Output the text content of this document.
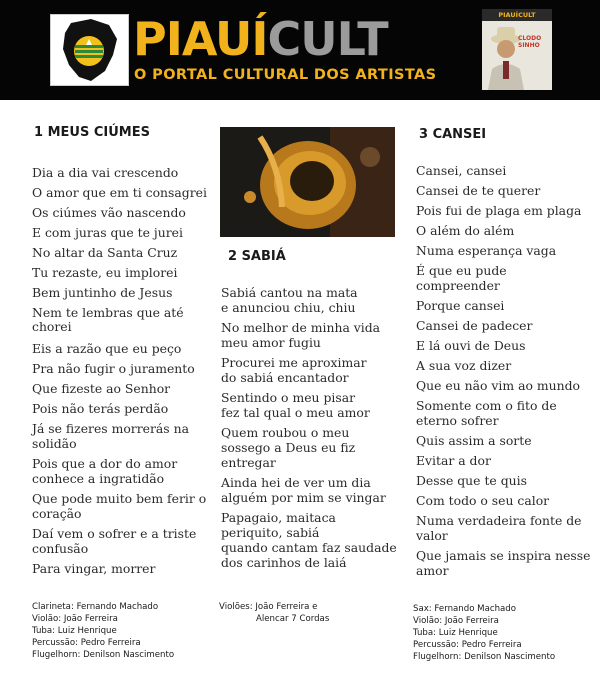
PIAUÍCULT
O PORTAL CULTURAL DOS ARTISTAS
PIAUÍCULT
CLODO SINHO
1 MEUS CIÚMES
Dia a dia vai crescendo
O amor que em ti consagrei
Os ciúmes vão nascendo
E com juras que te jurei
No altar da Santa Cruz
Tu rezaste, eu implorei
Bem juntinho de Jesus
Nem te lembras que até
chorei
Eis a razão que eu peço
Pra não fugir o juramento
Que fizeste ao Senhor
Pois não terás perdão
Já se fizeres morrerás na
solidão
Pois que a dor do amor
conhece a ingratidão
Que pode muito bem ferir o
coração
Daí vem o sofrer e a triste
confusão
Para vingar, morrer
Clarineta: Fernando Machado
Violão: João Ferreira
Tuba: Luiz Henrique
Percussão: Pedro Ferreira
Flugelhorn: Denilson Nascimento
2 SABIÁ
Sabiá cantou na mata
e anunciou chiu, chiu
No melhor de minha vida
meu amor fugiu
Procurei me aproximar
do sabiá encantador
Sentindo o meu pisar
fez tal qual o meu amor
Quem roubou o meu
sossego a Deus eu fiz
entregar
Ainda hei de ver um dia
alguém por mim se vingar
Papagaio, maitaca
periquito, sabiá
quando cantam faz saudade
dos carinhos de laiá
Violões: João Ferreira e
Alencar 7 Cordas
3 CANSEI
Cansei, cansei
Cansei de te querer
Pois fui de plaga em plaga
O além do além
Numa esperança vaga
É que eu pude
compreender
Porque cansei
Cansei de padecer
E lá ouvi de Deus
A sua voz dizer
Que eu não vim ao mundo
Somente com o fito de
eterno sofrer
Quis assim a sorte
Evitar a dor
Desse que te quis
Com todo o seu calor
Numa verdadeira fonte de
valor
Que jamais se inspira nesse
amor
Sax: Fernando Machado
Violão: João Ferreira
Tuba: Luiz Henrique
Percussão: Pedro Ferreira
Flugelhorn: Denilson Nascimento
